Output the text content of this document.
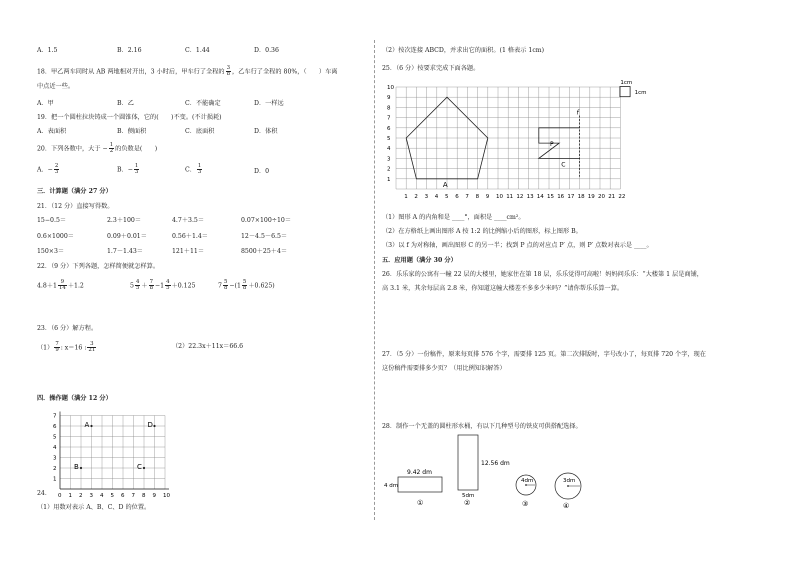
A．1.5	B．2.16	C．1.44	D．0.36
18．甲乙两车同时从 AB 两地相对开出，3 小时后，甲车行了全程的 $\frac{3}{8}$ ，乙车行了全程的 80%，（　　）车离
中点近一些。
A．甲	B．乙	C．不能确定	D．一样远
19．把一个圆柱拉块铸成一个圆锥体，它的(　　)不变。(不计损耗)
A．表面积	B．侧面积	C．底面积	D．体积
20．下列各数中，大于 − $\frac{1}{2}$ 的负数是(　　)
A．− $\frac{2}{3}$	B．− $\frac{1}{3}$	C． $\frac{1}{3}$	D．0
三．计算题（满分 27 分）
21．（12 分）直接写得数。
15−0.5＝	2.3＋100＝	4.7＋3.5＝	0.07×100÷10＝
0.6×1000＝	0.09＋0.01＝	0.56＋1.4＝	12－4.5－6.5＝
150×3＝	1.7－1.43＝	121＋11＝	8500＋25＋4＝
22．（9 分）下列各题，怎样简便就怎样算。
$4.8+1 \frac{9}{14} +1.2$	$5 \frac{4}{5} + \frac{7}{8} -1 \frac{4}{5} +0.125$	$7 \frac{5}{8} -(1 \frac{5}{8} +0.625)$
23．（6 分）解方程。
$(1) \frac{7}{9}$ : x＝16 : $\frac{3}{21}$	（2）22.3x＋11x＝66.6
四．操作题（满分 12 分）
0 1 2 3 4 5 6 7 8 9 10
1
2
3
4
5
6
7
A
B	C
D
24．
（1）用数对表示 A、B、C、D 的位置。
（2）按次连接 ABCD，并求出它的面积。(1 格表示 1cm)
25．（6 分）按要求完成下面各题。
1 2 3 4 5 6 7 8 9 10 11 12 13 14 15 16 17 18 19 20 21 22
1
2
3
4
5
6
7
8
9
10
A
P
C
f
1cm
1cm
（1）图形 A 的内角和是 ____°，面积是 ____cm²。
（2）在方格纸上画出图形 A 按 1:2 的比例缩小后的图形，标上图形 B。
（3）以 f 为对称轴，画出图形 C 的另一半；找到 P 点的对应点 P′ 点，则 P′ 点数对表示是 ____。
五．应用题（满分 30 分）
26．乐乐家的公寓有一幢 22 层的大楼里，她家住在第 18 层，乐乐觉得可高啦！妈妈问乐乐：“大楼第 1 层是商铺，
高 3.1 米，其余每层高 2.8 米，你知道这幢大楼差不多多少米吗？”请你帮乐乐算一算。
27．（5 分）一份稿件，原来每页排 576 个字，需要排 125 页。第二次排版时，字号改小了，每页排 720 个字，现在
这份稿件需要排多少页？（用比例知识解答）
28．制作一个无盖的圆柱形水桶，有以下几种型号的铁皮可供搭配选择。
9.42 dm
4 dm
①
12.56 dm
5dm
②
4dm
③
3dm
④
